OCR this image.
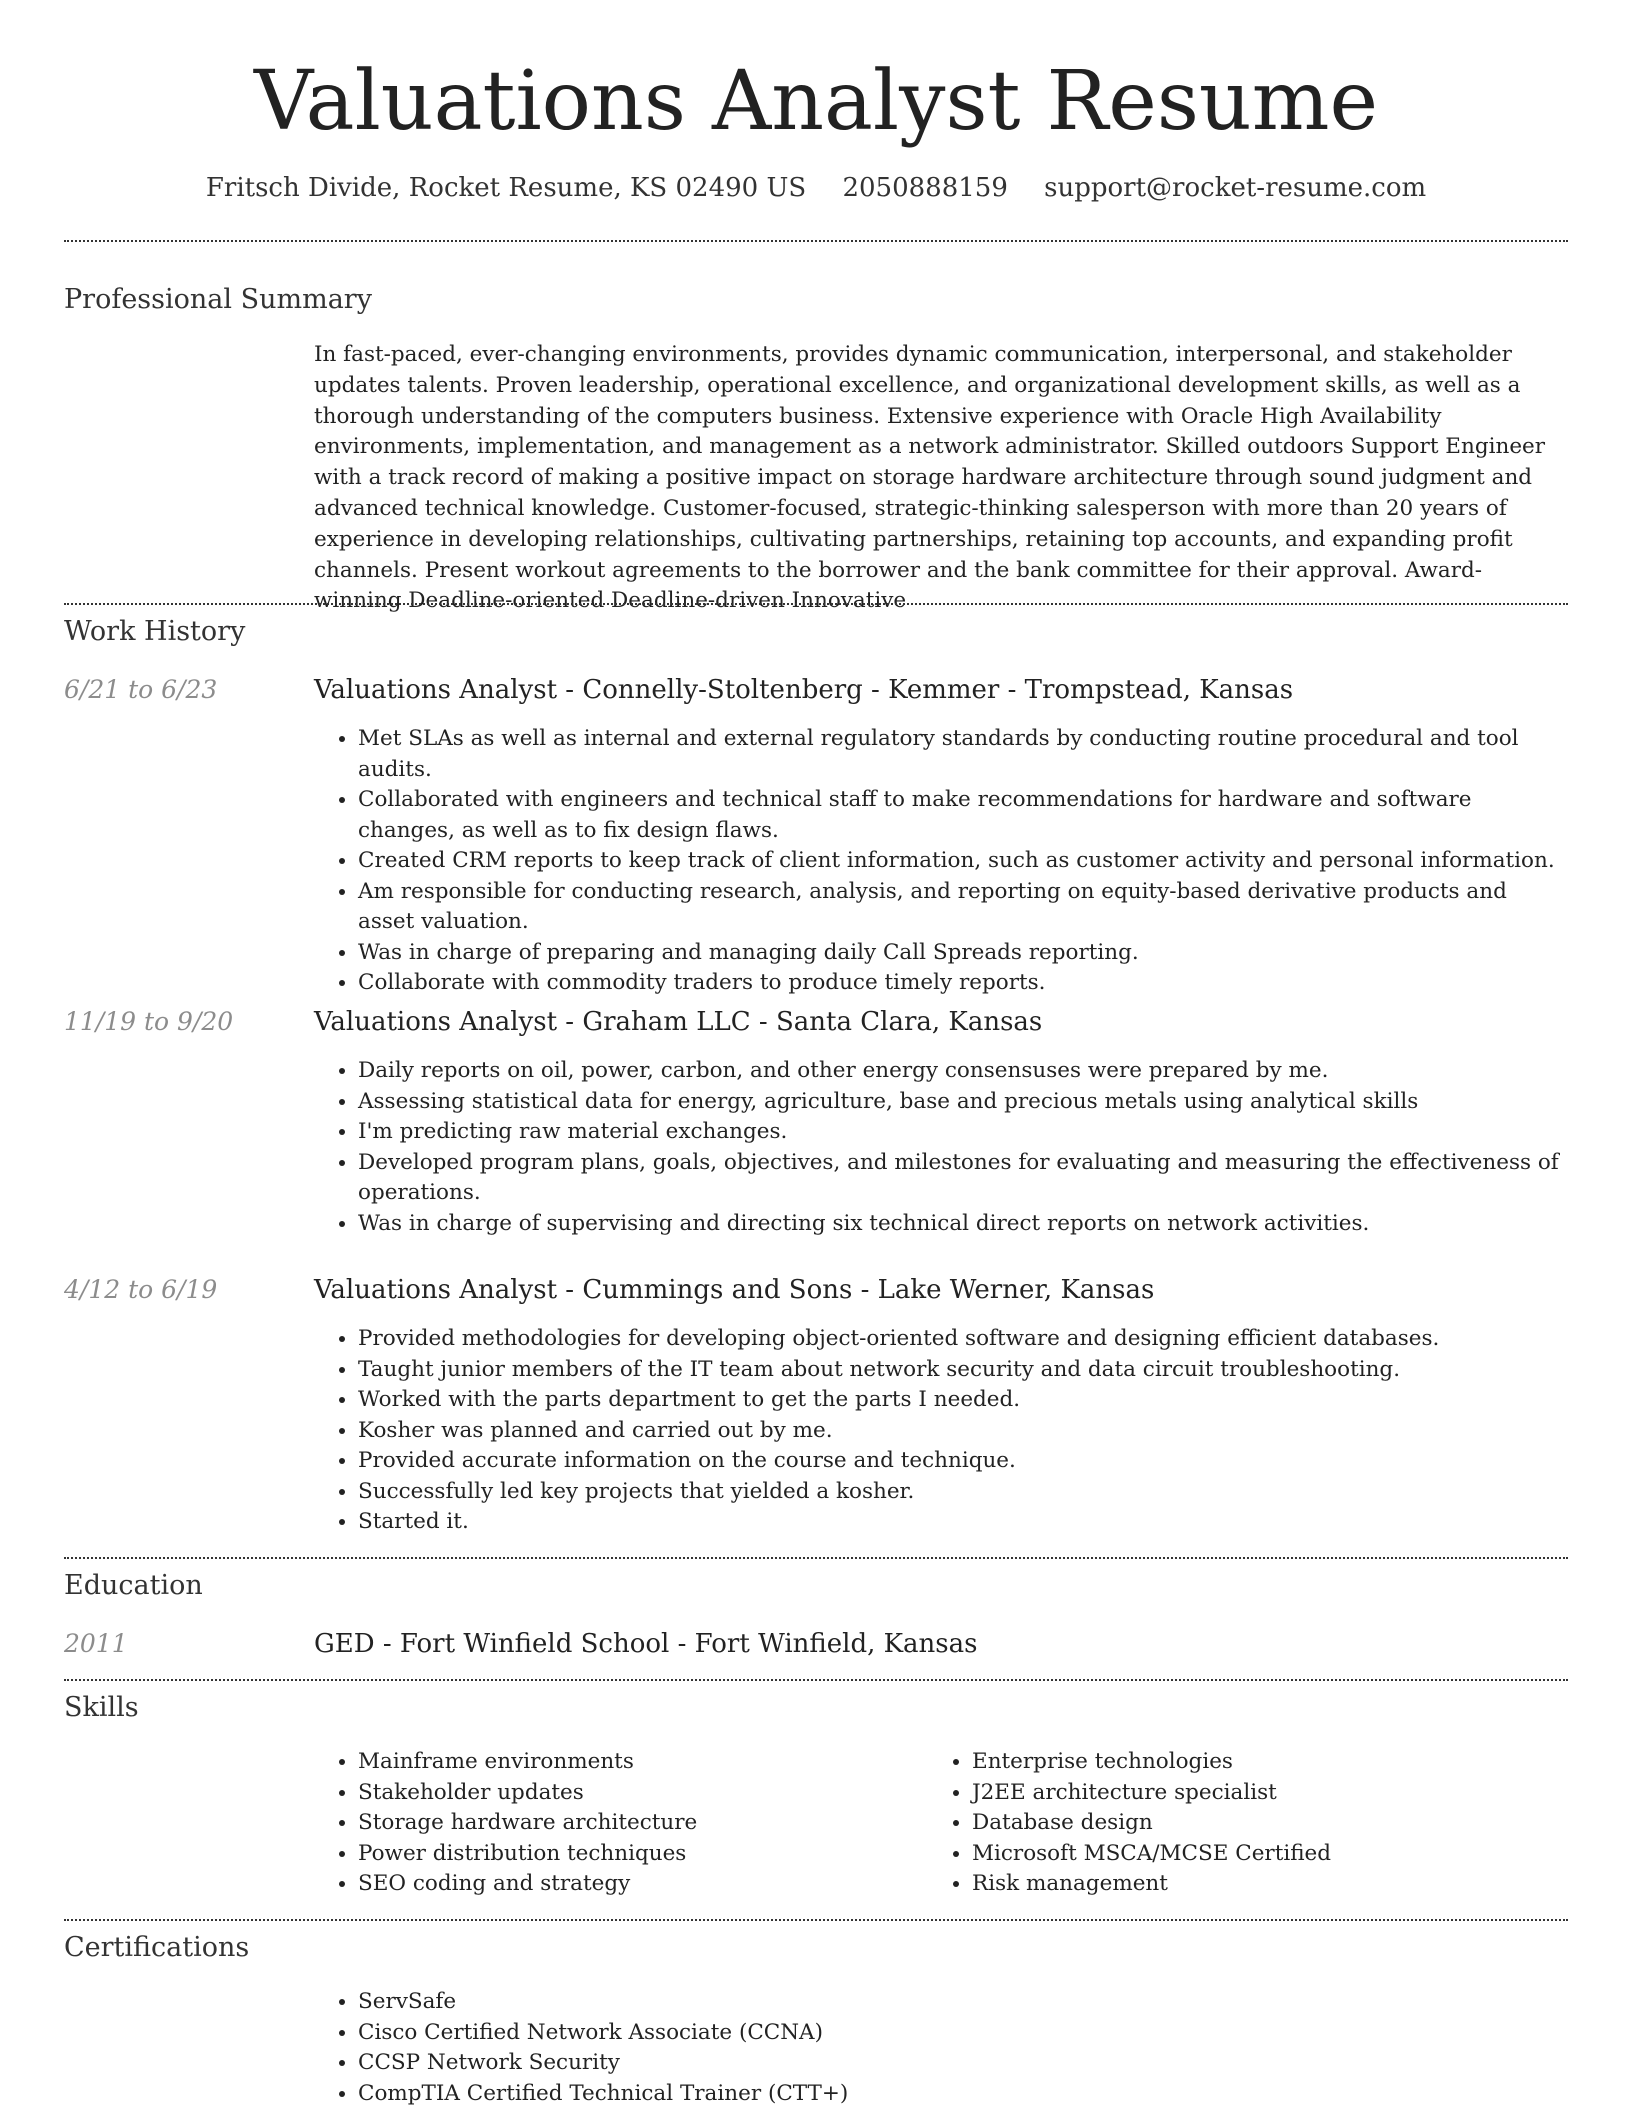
Valuations Analyst Resume
Fritsch Divide, Rocket Resume, KS 02490 US 2050888159 support@rocket-resume.com
Professional Summary

In fast-paced, ever-changing environments, provides dynamic communication, interpersonal, and stakeholder updates talents. Proven leadership, operational excellence, and organizational development skills, as well as a thorough understanding of the computers business. Extensive experience with Oracle High Availability environments, implementation, and management as a network administrator. Skilled outdoors Support Engineer with a track record of making a positive impact on storage hardware architecture through sound judgment and advanced technical knowledge. Customer-focused, strategic-thinking salesperson with more than 20 years of experience in developing relationships, cultivating partnerships, retaining top accounts, and expanding profit channels. Present workout agreements to the borrower and the bank committee for their approval. Award-winning Deadline-oriented Deadline-driven Innovative

Work History
6/21 to 6/23	Valuations Analyst - Connelly-Stoltenberg - Kemmer - Trompstead, Kansas
• Met SLAs as well as internal and external regulatory standards by conducting routine procedural and tool audits.
• Collaborated with engineers and technical staff to make recommendations for hardware and software changes, as well as to fix design flaws.
• Created CRM reports to keep track of client information, such as customer activity and personal information.
• Am responsible for conducting research, analysis, and reporting on equity-based derivative products and asset valuation.
• Was in charge of preparing and managing daily Call Spreads reporting.
• Collaborate with commodity traders to produce timely reports.
11/19 to 9/20	Valuations Analyst - Graham LLC - Santa Clara, Kansas
• Daily reports on oil, power, carbon, and other energy consensuses were prepared by me.
• Assessing statistical data for energy, agriculture, base and precious metals using analytical skills
• I'm predicting raw material exchanges.
• Developed program plans, goals, objectives, and milestones for evaluating and measuring the effectiveness of operations.
• Was in charge of supervising and directing six technical direct reports on network activities.
4/12 to 6/19	Valuations Analyst - Cummings and Sons - Lake Werner, Kansas
• Provided methodologies for developing object-oriented software and designing efficient databases.
• Taught junior members of the IT team about network security and data circuit troubleshooting.
• Worked with the parts department to get the parts I needed.
• Kosher was planned and carried out by me.
• Provided accurate information on the course and technique.
• Successfully led key projects that yielded a kosher.
• Started it.
Education
2011	GED - Fort Winfield School - Fort Winfield, Kansas
Skills
• Mainframe environments
• Stakeholder updates
• Storage hardware architecture
• Power distribution techniques
• SEO coding and strategy
• Enterprise technologies
• J2EE architecture specialist
• Database design
• Microsoft MSCA/MCSE Certified
• Risk management
Certifications
• ServSafe
• Cisco Certified Network Associate (CCNA)
• CCSP Network Security
• CompTIA Certified Technical Trainer (CTT+)
